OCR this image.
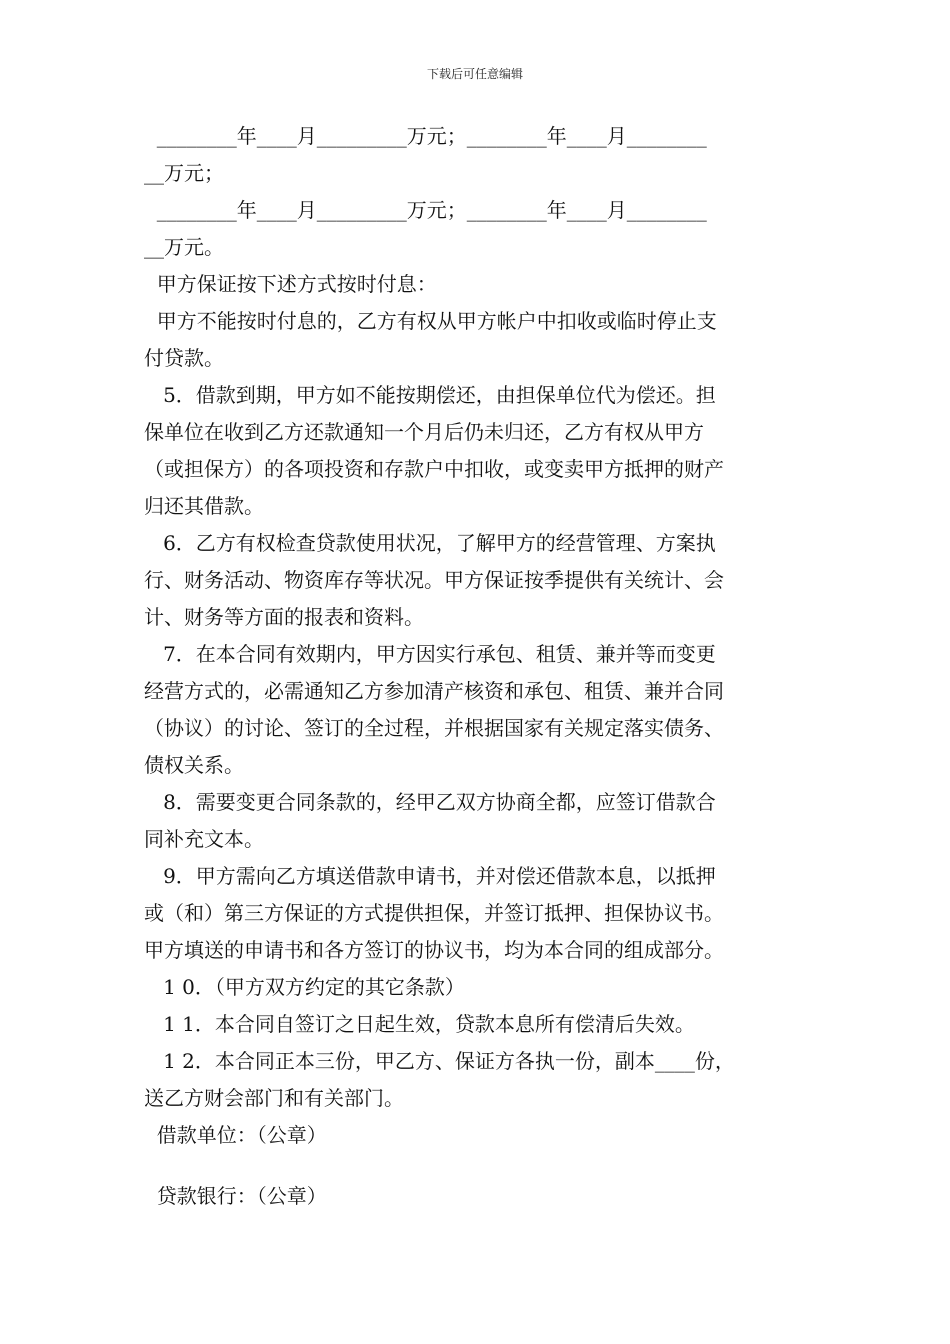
下载后可任意编辑
________年____月_________万元；________年____月________
__万元；
________年____月_________万元；________年____月________
__万元。
甲方保证按下述方式按时付息：
甲方不能按时付息的，乙方有权从甲方帐户中扣收或临时停止支
付贷款。
5．借款到期，甲方如不能按期偿还，由担保单位代为偿还。担
保单位在收到乙方还款通知一个月后仍未归还，乙方有权从甲方
（或担保方）的各项投资和存款户中扣收，或变卖甲方抵押的财产
归还其借款。
6．乙方有权检查贷款使用状况，了解甲方的经营管理、方案执
行、财务活动、物资库存等状况。甲方保证按季提供有关统计、会
计、财务等方面的报表和资料。
7．在本合同有效期内，甲方因实行承包、租赁、兼并等而变更
经营方式的，必需通知乙方参加清产核资和承包、租赁、兼并合同
（协议）的讨论、签订的全过程，并根据国家有关规定落实债务、
债权关系。
8．需要变更合同条款的，经甲乙双方协商全都，应签订借款合
同补充文本。
9．甲方需向乙方填送借款申请书，并对偿还借款本息，以抵押
或（和）第三方保证的方式提供担保，并签订抵押、担保协议书。
甲方填送的申请书和各方签订的协议书，均为本合同的组成部分。
1 0．（甲方双方约定的其它条款）
1 1．本合同自签订之日起生效，贷款本息所有偿清后失效。
1 2．本合同正本三份，甲乙方、保证方各执一份，副本____份，
送乙方财会部门和有关部门。
借款单位：（公章）
贷款银行：（公章）
